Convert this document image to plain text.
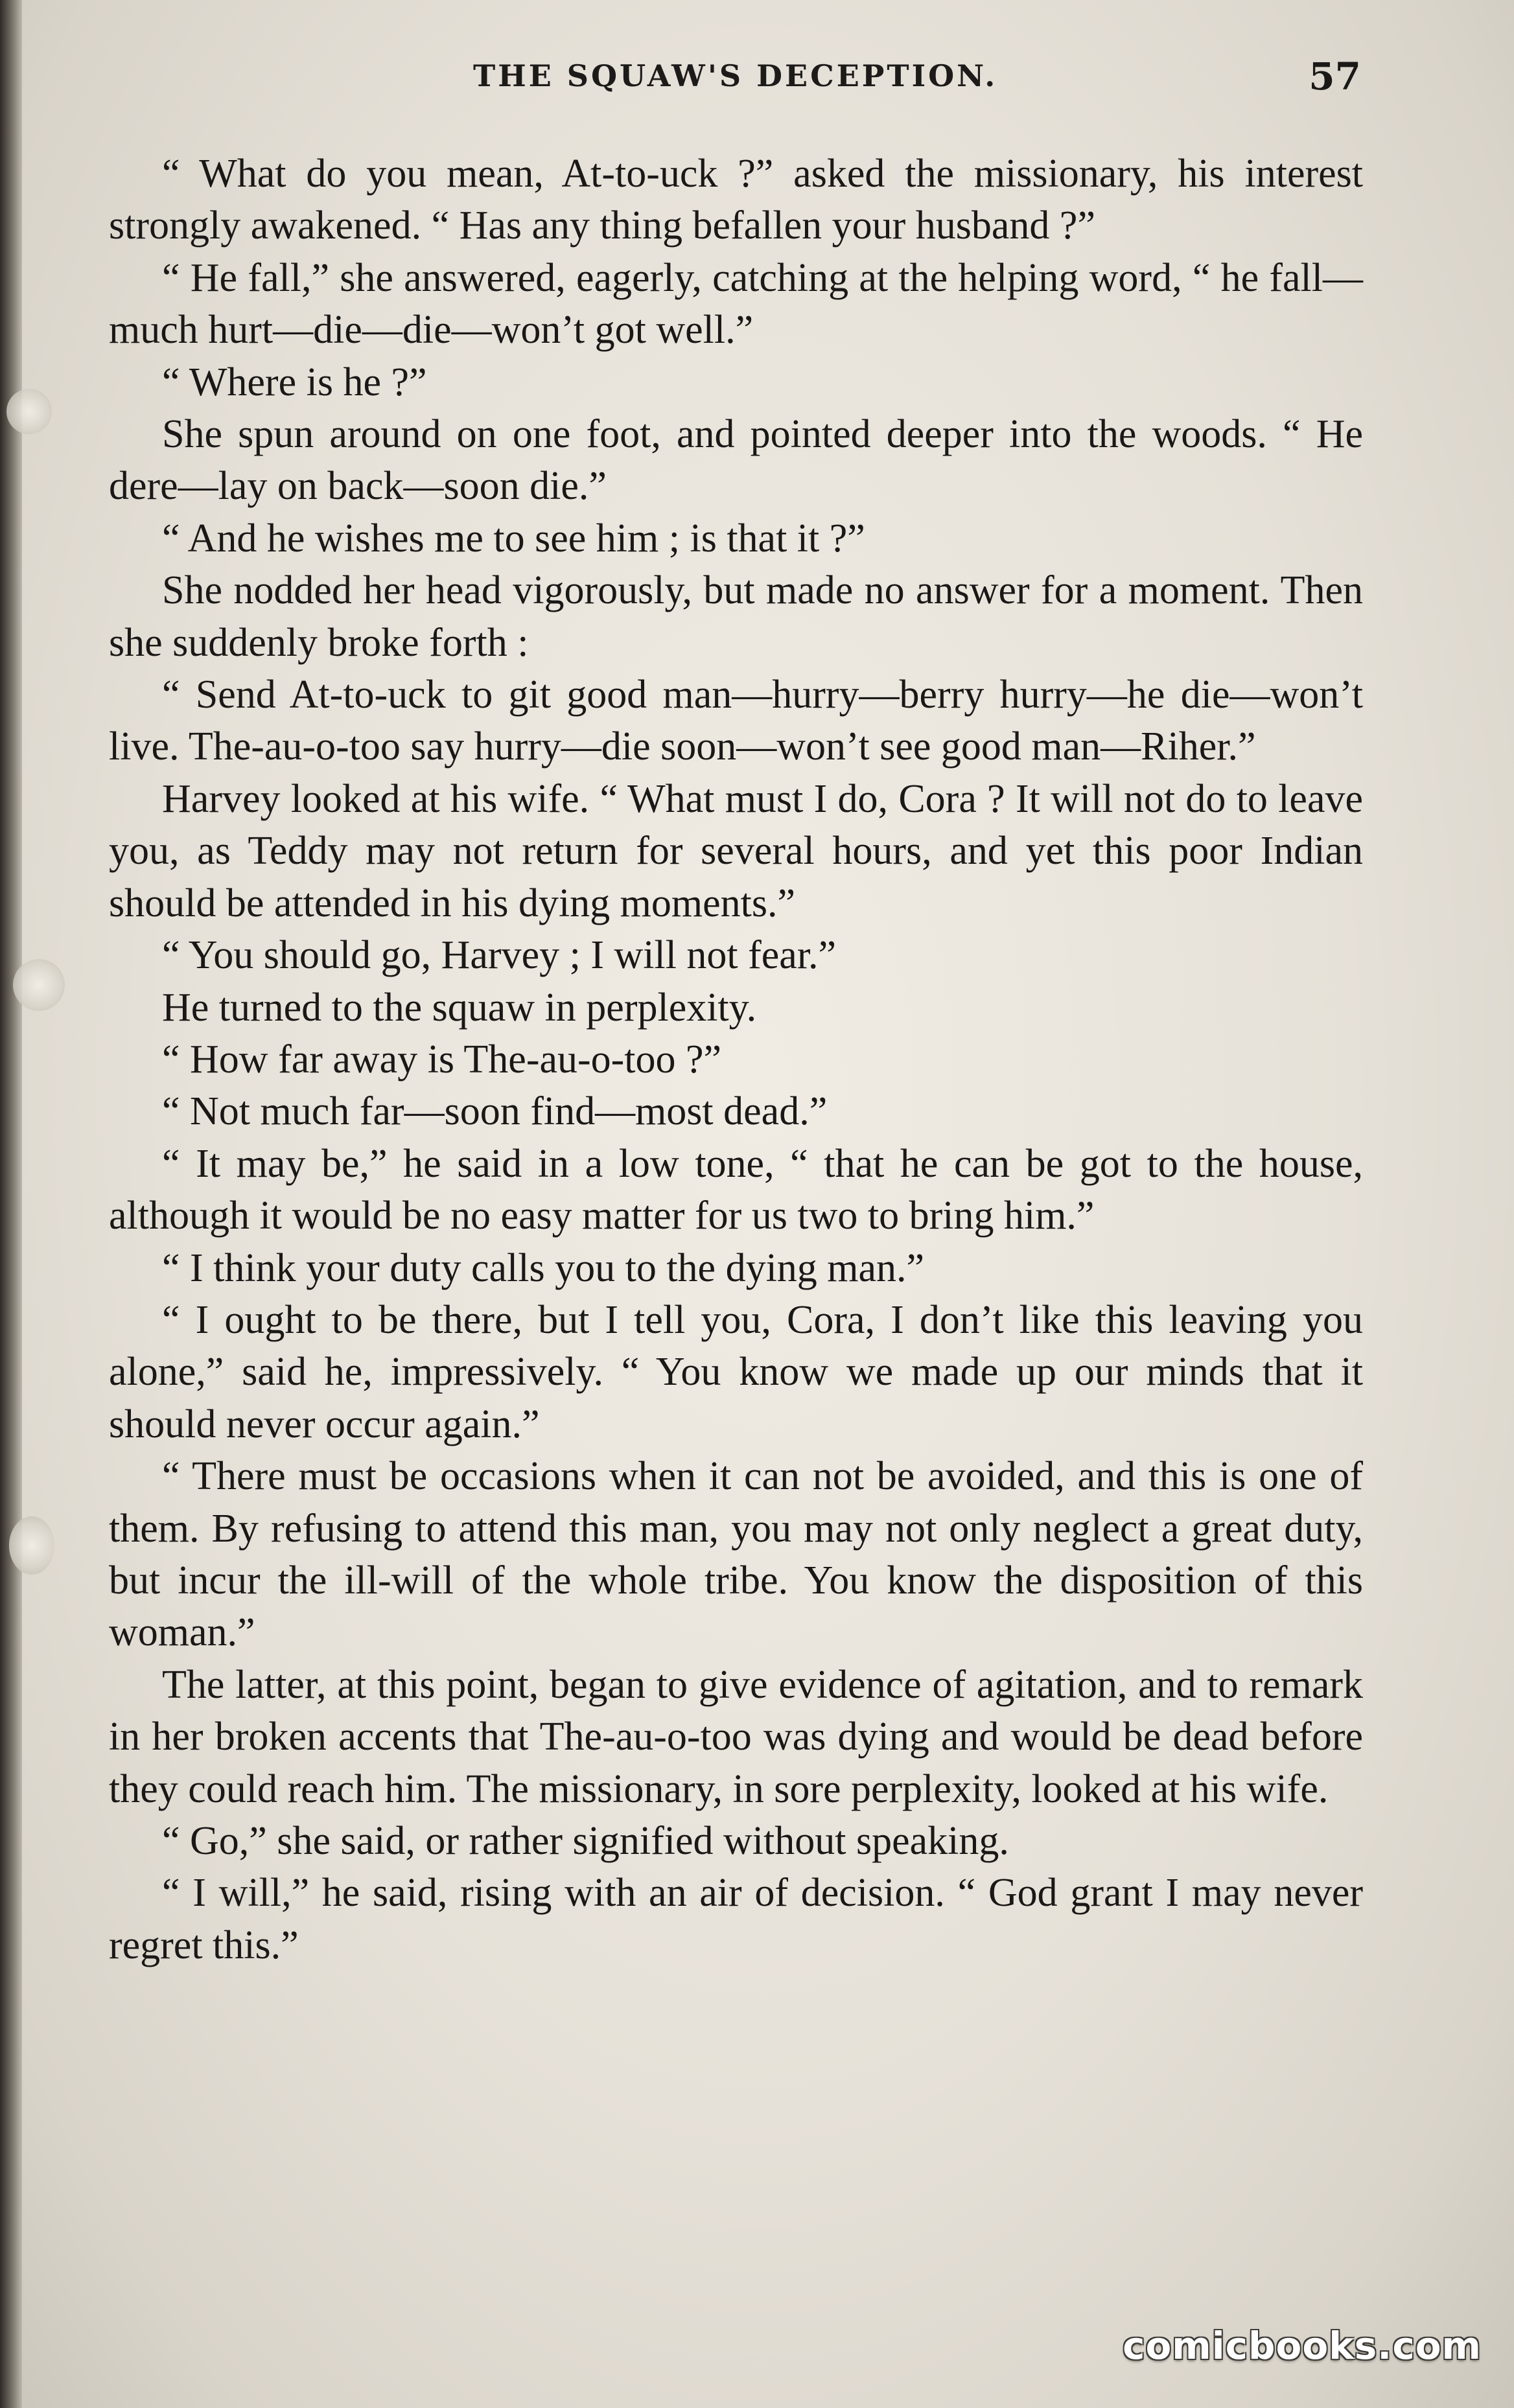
THE SQUAW'S DECEPTION.	57

“ What do you mean, At-to-uck ?” asked the missionary, his interest strongly awakened. “ Has any thing befallen your husband ?”

“ He fall,” she answered, eagerly, catching at the helping word, “ he fall—much hurt—die—die—won’t got well.”

“ Where is he ?”

She spun around on one foot, and pointed deeper into the woods. “ He dere—lay on back—soon die.”

“ And he wishes me to see him ; is that it ?”

She nodded her head vigorously, but made no answer for a moment. Then she suddenly broke forth :

“ Send At-to-uck to git good man—hurry—berry hurry—he die—won’t live. The-au-o-too say hurry—die soon—won’t see good man—Riher.”

Harvey looked at his wife. “ What must I do, Cora ? It will not do to leave you, as Teddy may not return for several hours, and yet this poor Indian should be attended in his dying moments.”

“ You should go, Harvey ; I will not fear.”

He turned to the squaw in perplexity.

“ How far away is The-au-o-too ?”

“ Not much far—soon find—most dead.”

“ It may be,” he said in a low tone, “ that he can be got to the house, although it would be no easy matter for us two to bring him.”

“ I think your duty calls you to the dying man.”

“ I ought to be there, but I tell you, Cora, I don’t like this leaving you alone,” said he, impressively. “ You know we made up our minds that it should never occur again.”

“ There must be occasions when it can not be avoided, and this is one of them. By refusing to attend this man, you may not only neglect a great duty, but incur the ill-will of the whole tribe. You know the disposition of this woman.”

The latter, at this point, began to give evidence of agitation, and to remark in her broken accents that The-au-o-too was dying and would be dead before they could reach him. The missionary, in sore perplexity, looked at his wife.

“ Go,” she said, or rather signified without speaking.

“ I will,” he said, rising with an air of decision. “ God grant I may never regret this.”

comicbooks.com
